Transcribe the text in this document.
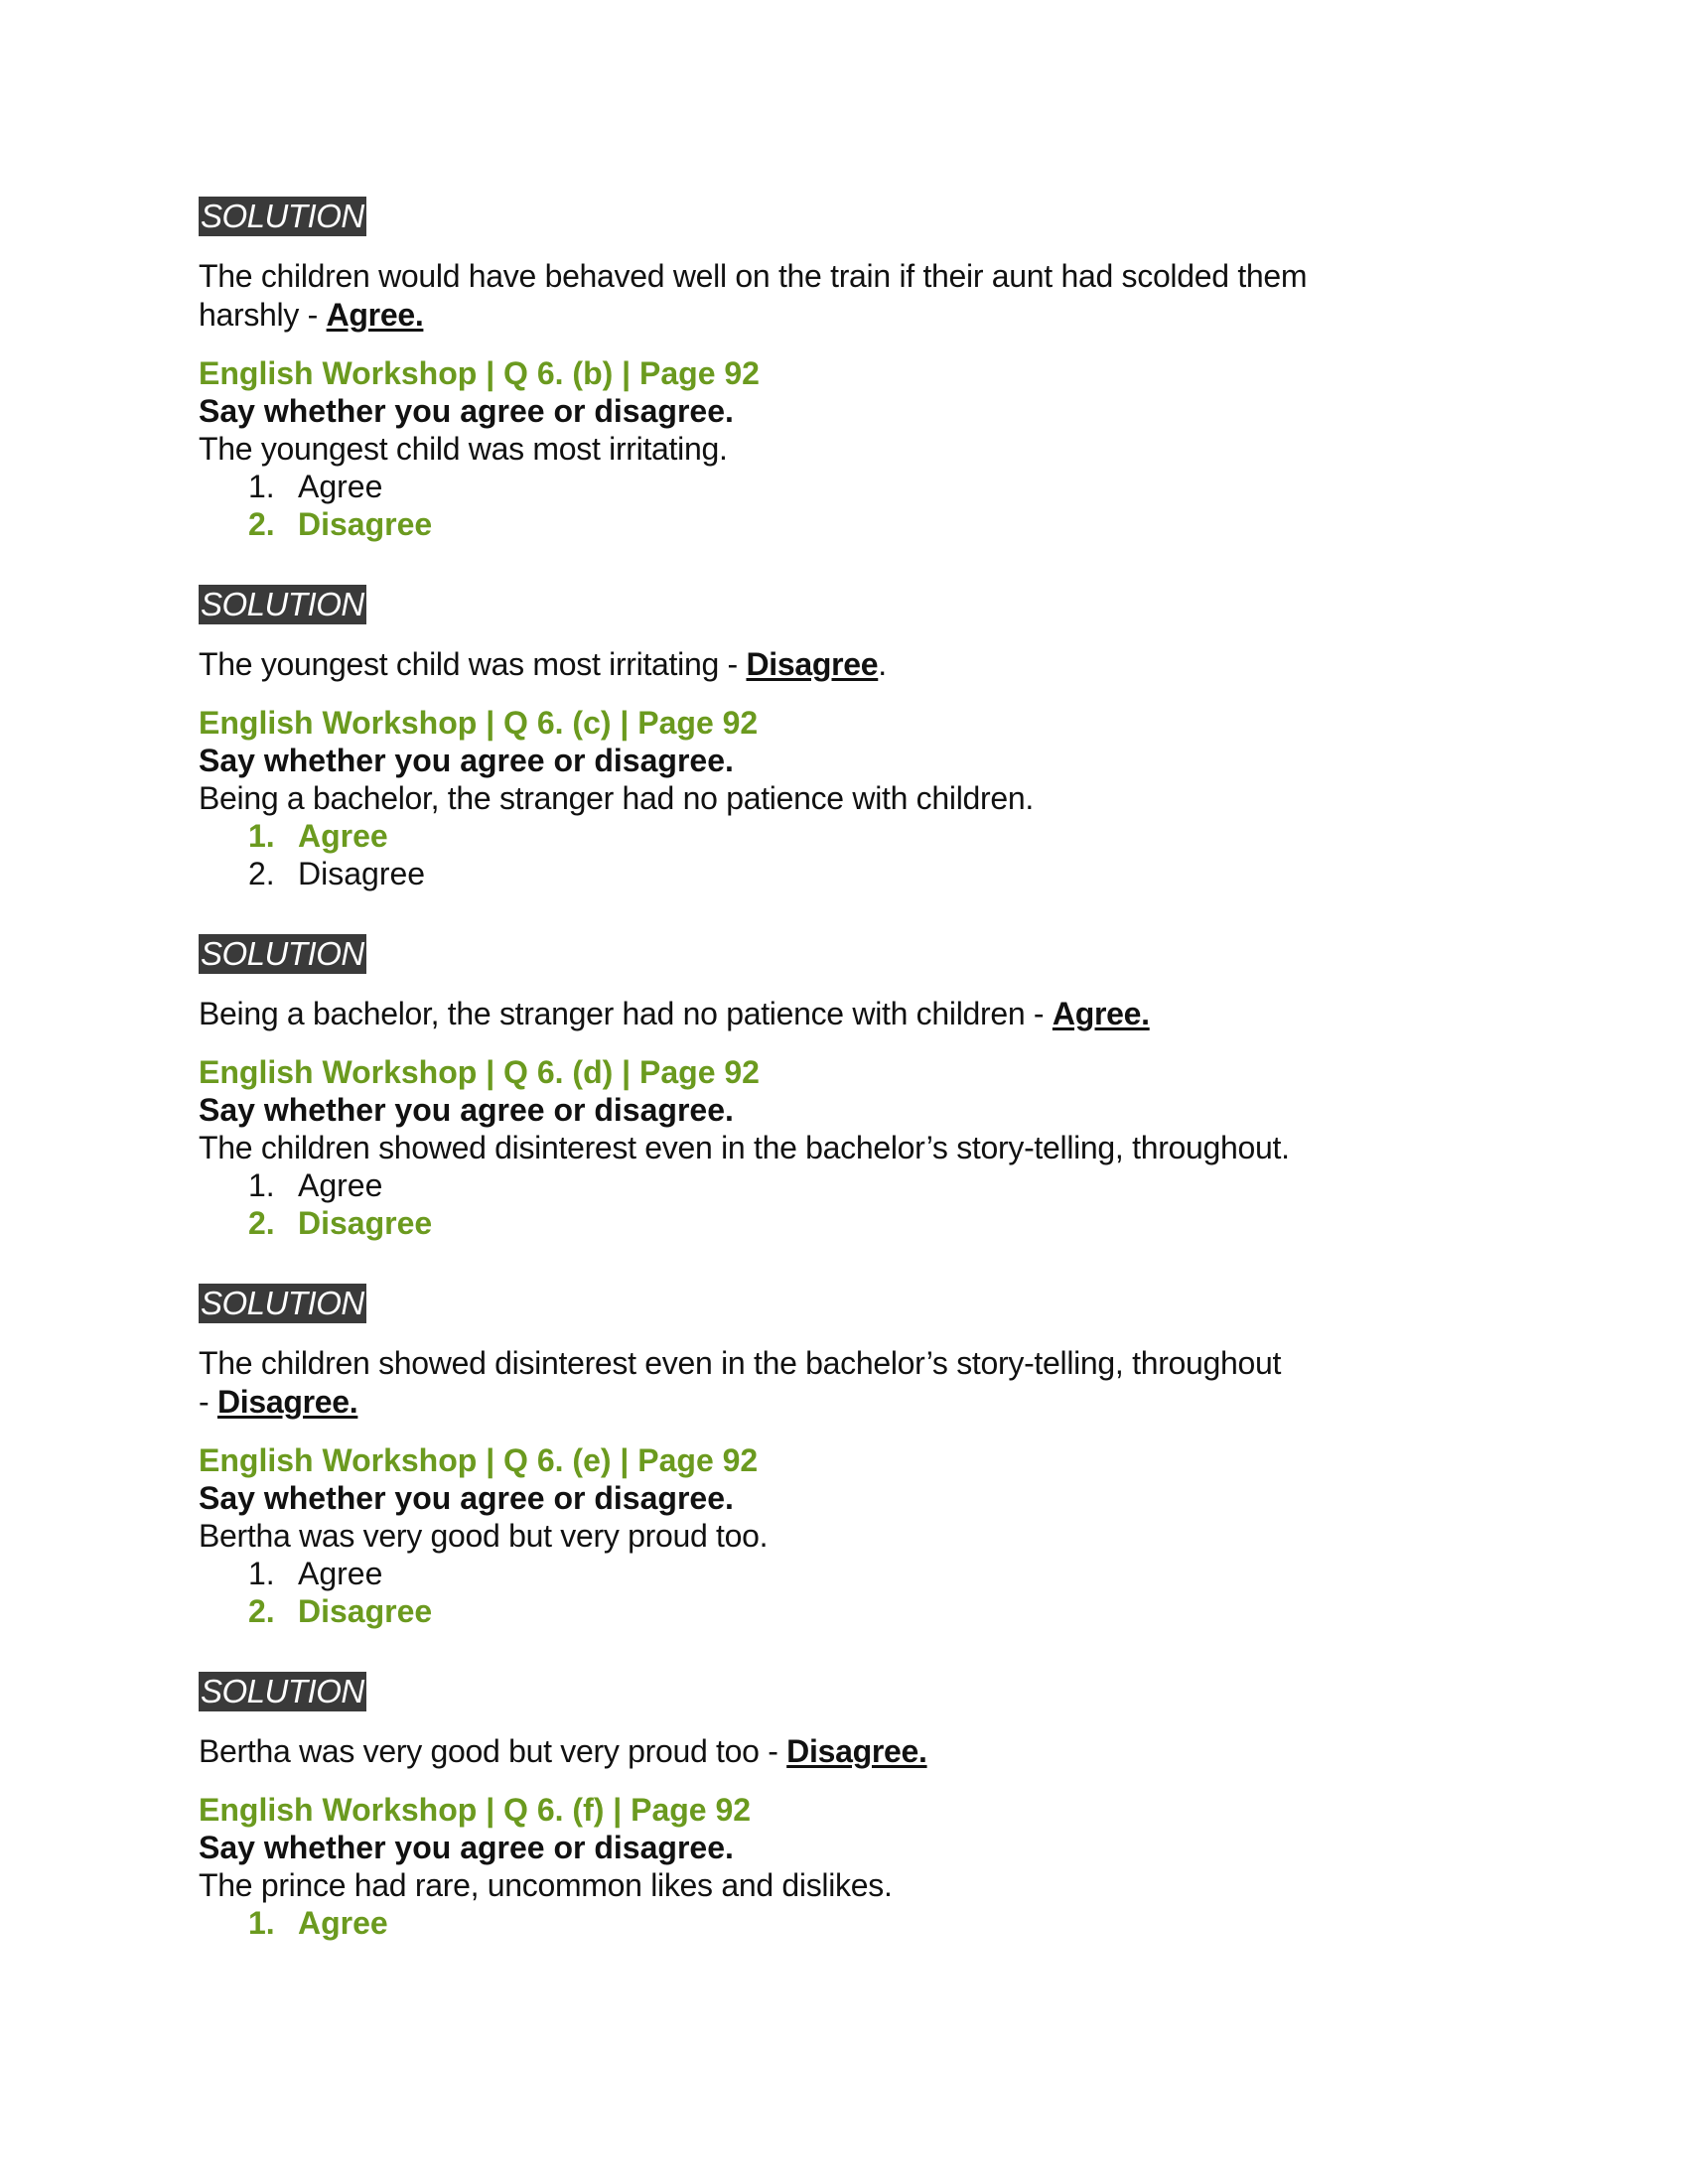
SOLUTION

The children would have behaved well on the train if their aunt had scolded them
harshly - Agree.

English Workshop | Q 6. (b) | Page 92

Say whether you agree or disagree.

The youngest child was most irritating.

1. Agree
2. Disagree
SOLUTION

The youngest child was most irritating - Disagree.

English Workshop | Q 6. (c) | Page 92

Say whether you agree or disagree.

Being a bachelor, the stranger had no patience with children.

1. Agree
2. Disagree
SOLUTION

Being a bachelor, the stranger had no patience with children - Agree.

English Workshop | Q 6. (d) | Page 92

Say whether you agree or disagree.

The children showed disinterest even in the bachelor’s story-telling, throughout.

1. Agree
2. Disagree
SOLUTION

The children showed disinterest even in the bachelor’s story-telling, throughout
- Disagree.

English Workshop | Q 6. (e) | Page 92

Say whether you agree or disagree.

Bertha was very good but very proud too.

1. Agree
2. Disagree
SOLUTION

Bertha was very good but very proud too - Disagree.

English Workshop | Q 6. (f) | Page 92

Say whether you agree or disagree.

The prince had rare, uncommon likes and dislikes.

1. Agree
